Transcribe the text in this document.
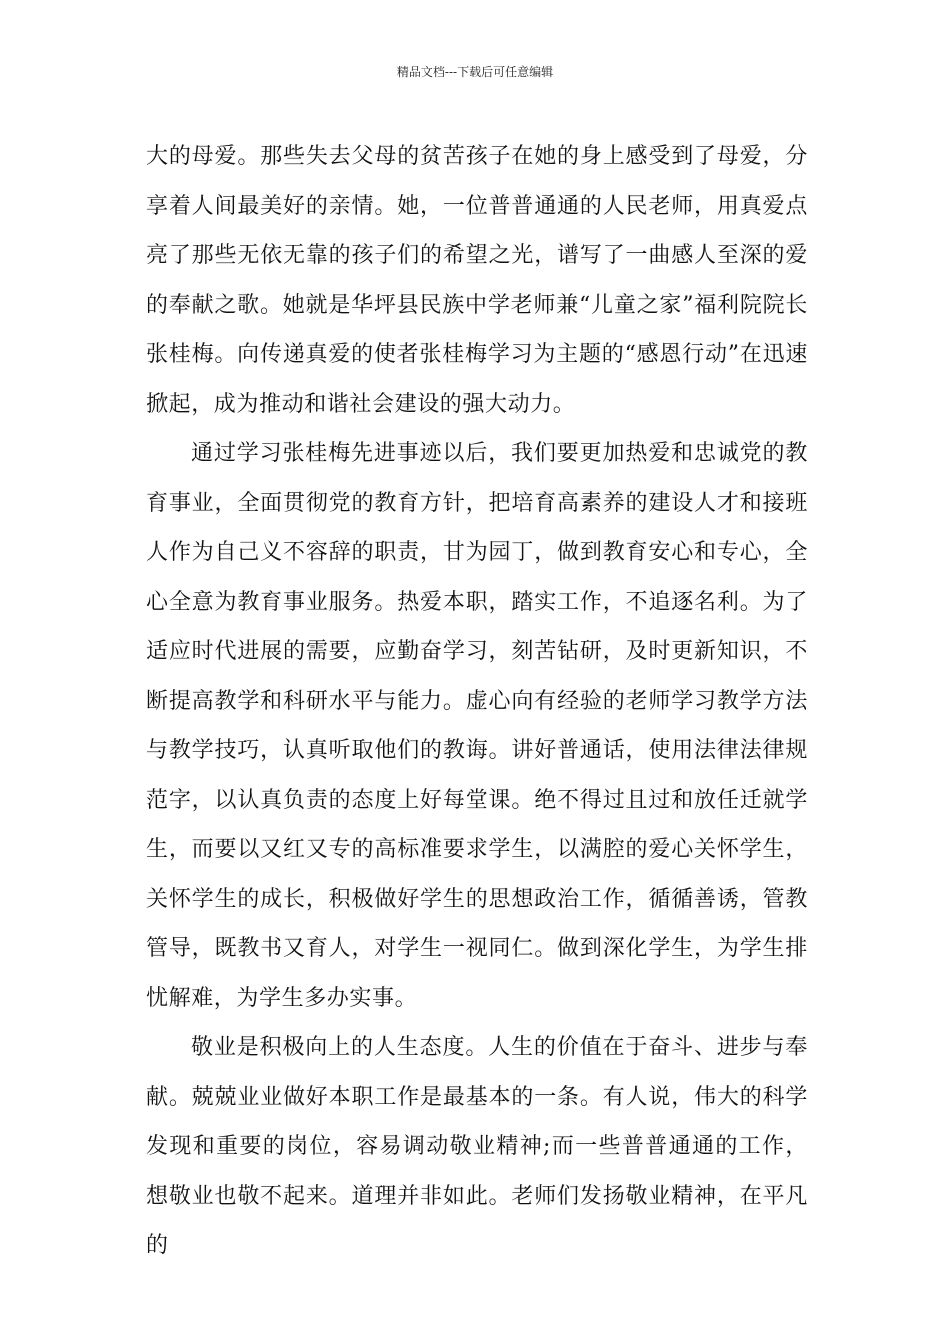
精品文档---下载后可任意编辑

大的母爱。那些失去父母的贫苦孩子在她的身上感受到了母爱，分享着人间最美好的亲情。她，一位普普通通的人民老师，用真爱点亮了那些无依无靠的孩子们的希望之光，谱写了一曲感人至深的爱的奉献之歌。她就是华坪县民族中学老师兼“儿童之家”福利院院长张桂梅。向传递真爱的使者张桂梅学习为主题的“感恩行动”在迅速掀起，成为推动和谐社会建设的强大动力。

通过学习张桂梅先进事迹以后，我们要更加热爱和忠诚党的教育事业，全面贯彻党的教育方针，把培育高素养的建设人才和接班人作为自己义不容辞的职责，甘为园丁，做到教育安心和专心，全心全意为教育事业服务。热爱本职，踏实工作，不追逐名利。为了适应时代进展的需要，应勤奋学习，刻苦钻研，及时更新知识，不断提高教学和科研水平与能力。虚心向有经验的老师学习教学方法与教学技巧，认真听取他们的教诲。讲好普通话，使用法律法律规范字，以认真负责的态度上好每堂课。绝不得过且过和放任迁就学生，而要以又红又专的高标准要求学生，以满腔的爱心关怀学生，关怀学生的成长，积极做好学生的思想政治工作，循循善诱，管教管导，既教书又育人，对学生一视同仁。做到深化学生，为学生排忧解难，为学生多办实事。

敬业是积极向上的人生态度。人生的价值在于奋斗、进步与奉献。兢兢业业做好本职工作是最基本的一条。有人说，伟大的科学发现和重要的岗位，容易调动敬业精神;而一些普普通通的工作，想敬业也敬不起来。道理并非如此。老师们发扬敬业精神，在平凡的
